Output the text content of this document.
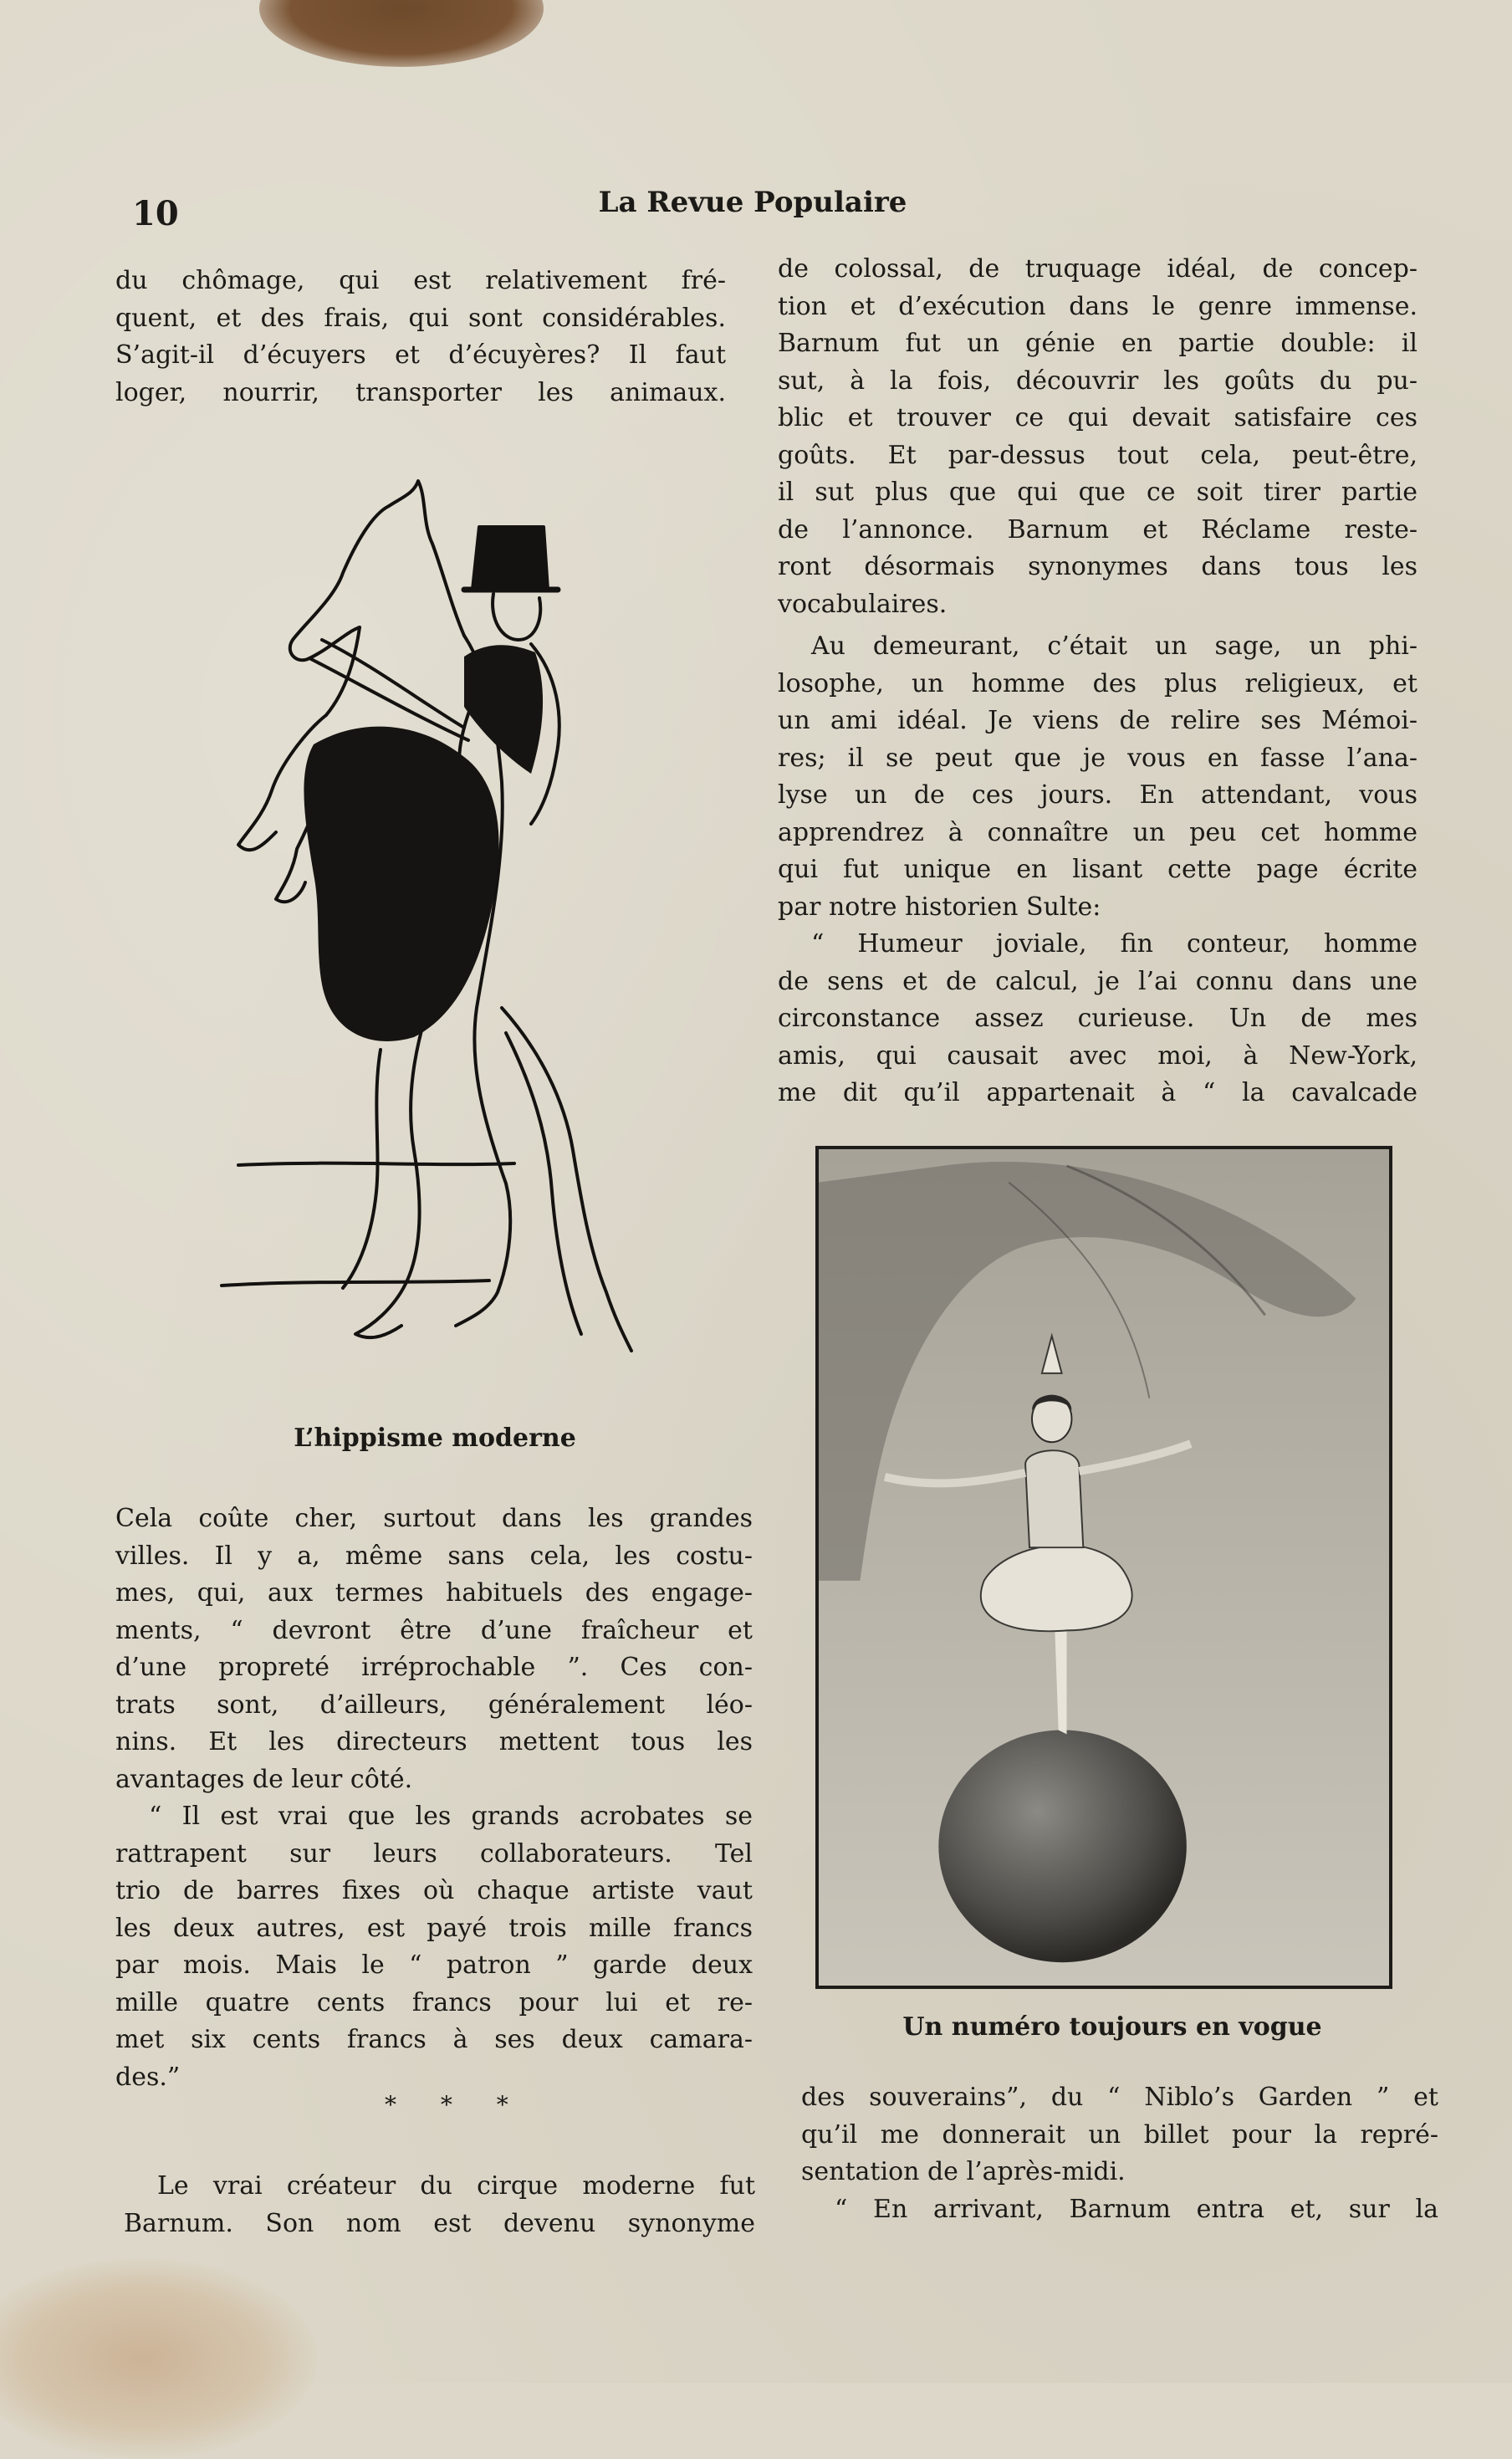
10	La Revue Populaire

du chômage, qui est relativement fré-

quent, et des frais, qui sont considérables.

S’agit-il d’écuyers et d’écuyères? Il faut

loger, nourrir, transporter les animaux.

L’hippisme moderne

Cela coûte cher, surtout dans les grandes

villes. Il y a, même sans cela, les costu-

mes, qui, aux termes habituels des engage-

ments, “ devront être d’une fraîcheur et

d’une propreté irréprochable ”. Ces con-

trats sont, d’ailleurs, généralement léo-

nins. Et les directeurs mettent tous les

avantages de leur côté.

“ Il est vrai que les grands acrobates se

rattrapent sur leurs collaborateurs. Tel

trio de barres fixes où chaque artiste vaut

les deux autres, est payé trois mille francs

par mois. Mais le “ patron ” garde deux

mille quatre cents francs pour lui et re-

met six cents francs à ses deux camara-

des.”

* * *

Le vrai créateur du cirque moderne fut

Barnum. Son nom est devenu synonyme

de colossal, de truquage idéal, de concep-

tion et d’exécution dans le genre immense.

Barnum fut un génie en partie double: il

sut, à la fois, découvrir les goûts du pu-

blic et trouver ce qui devait satisfaire ces

goûts. Et par-dessus tout cela, peut-être,

il sut plus que qui que ce soit tirer partie

de l’annonce. Barnum et Réclame reste-

ront désormais synonymes dans tous les

vocabulaires.

Au demeurant, c’était un sage, un phi-

losophe, un homme des plus religieux, et

un ami idéal. Je viens de relire ses Mémoi-

res; il se peut que je vous en fasse l’ana-

lyse un de ces jours. En attendant, vous

apprendrez à connaître un peu cet homme

qui fut unique en lisant cette page écrite

par notre historien Sulte:

“ Humeur joviale, fin conteur, homme

de sens et de calcul, je l’ai connu dans une

circonstance assez curieuse. Un de mes

amis, qui causait avec moi, à New-York,

me dit qu’il appartenait à “ la cavalcade

Un numéro toujours en vogue

des souverains”, du “ Niblo’s Garden ” et

qu’il me donnerait un billet pour la repré-

sentation de l’après-midi.

“ En arrivant, Barnum entra et, sur la
